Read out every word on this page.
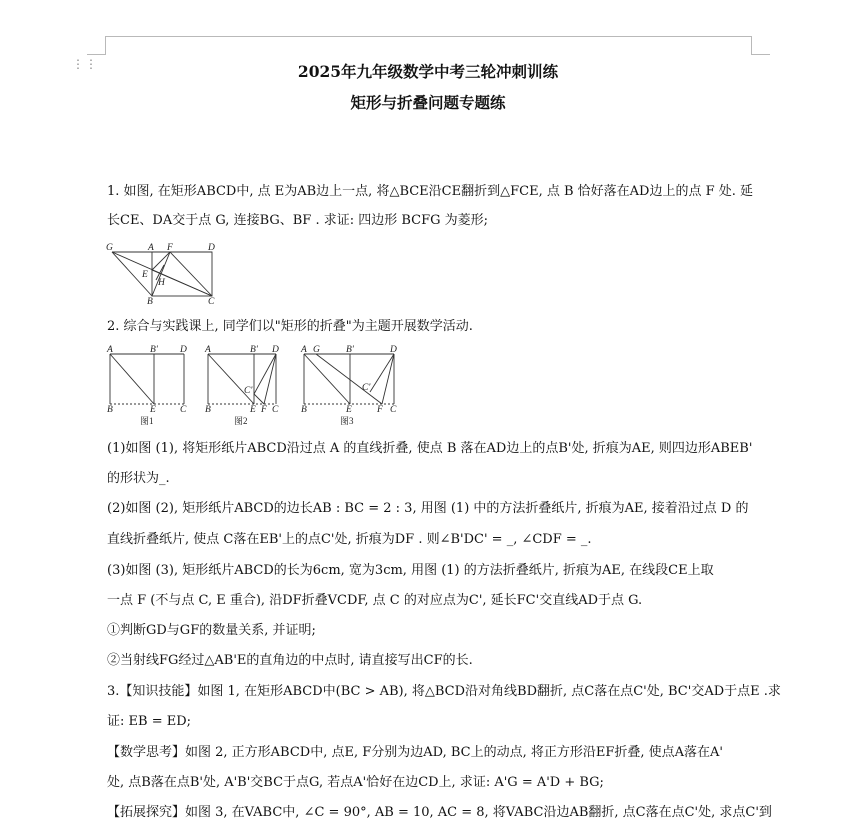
⋮⋮	2025年九年级数学中考三轮冲刺训练
矩形与折叠问题专题练
1. 如图, 在矩形ABCD中, 点 E为AB边上一点, 将△BCE沿CE翻折到△FCE, 点 B 恰好落在AD边上的点 F 处. 延
长CE、DA交于点 G, 连接BG、BF . 求证: 四边形 BCFG 为菱形;
G	A F	D
E
H
B	C
2. 综合与实践课上, 同学们以"矩形的折叠"为主题开展数学活动.
A	B' D
B	E	C
图1
A	B' D
C'
B	E F C
图2
A G	B'	D
C'
B	E	F C
图3
(1)如图 (1), 将矩形纸片ABCD沿过点 A 的直线折叠, 使点 B 落在AD边上的点B'处, 折痕为AE, 则四边形ABEB'
的形状为_.
(2)如图 (2), 矩形纸片ABCD的边长AB : BC = 2 : 3, 用图 (1) 中的方法折叠纸片, 折痕为AE, 接着沿过点 D 的
直线折叠纸片, 使点 C落在EB'上的点C'处, 折痕为DF . 则∠B'DC' = _, ∠CDF = _.
(3)如图 (3), 矩形纸片ABCD的长为6cm, 宽为3cm, 用图 (1) 的方法折叠纸片, 折痕为AE, 在线段CE上取
一点 F (不与点 C, E 重合), 沿DF折叠VCDF, 点 C 的对应点为C', 延长FC'交直线AD于点 G.
①判断GD与GF的数量关系, 并证明;
②当射线FG经过△AB'E的直角边的中点时, 请直接写出CF的长.
3.【知识技能】如图 1, 在矩形ABCD中(BC > AB), 将△BCD沿对角线BD翻折, 点C落在点C'处, BC'交AD于点E .求
证: EB = ED;
【数学思考】如图 2, 正方形ABCD中, 点E, F分别为边AD, BC上的动点, 将正方形沿EF折叠, 使点A落在A'
处, 点B落在点B'处, A'B'交BC于点G, 若点A'恰好在边CD上, 求证: A'G = A'D + BG;
【拓展探究】如图 3, 在VABC中, ∠C = 90°, AB = 10, AC = 8, 将VABC沿边AB翻折, 点C落在点C'处, 求点C'到
